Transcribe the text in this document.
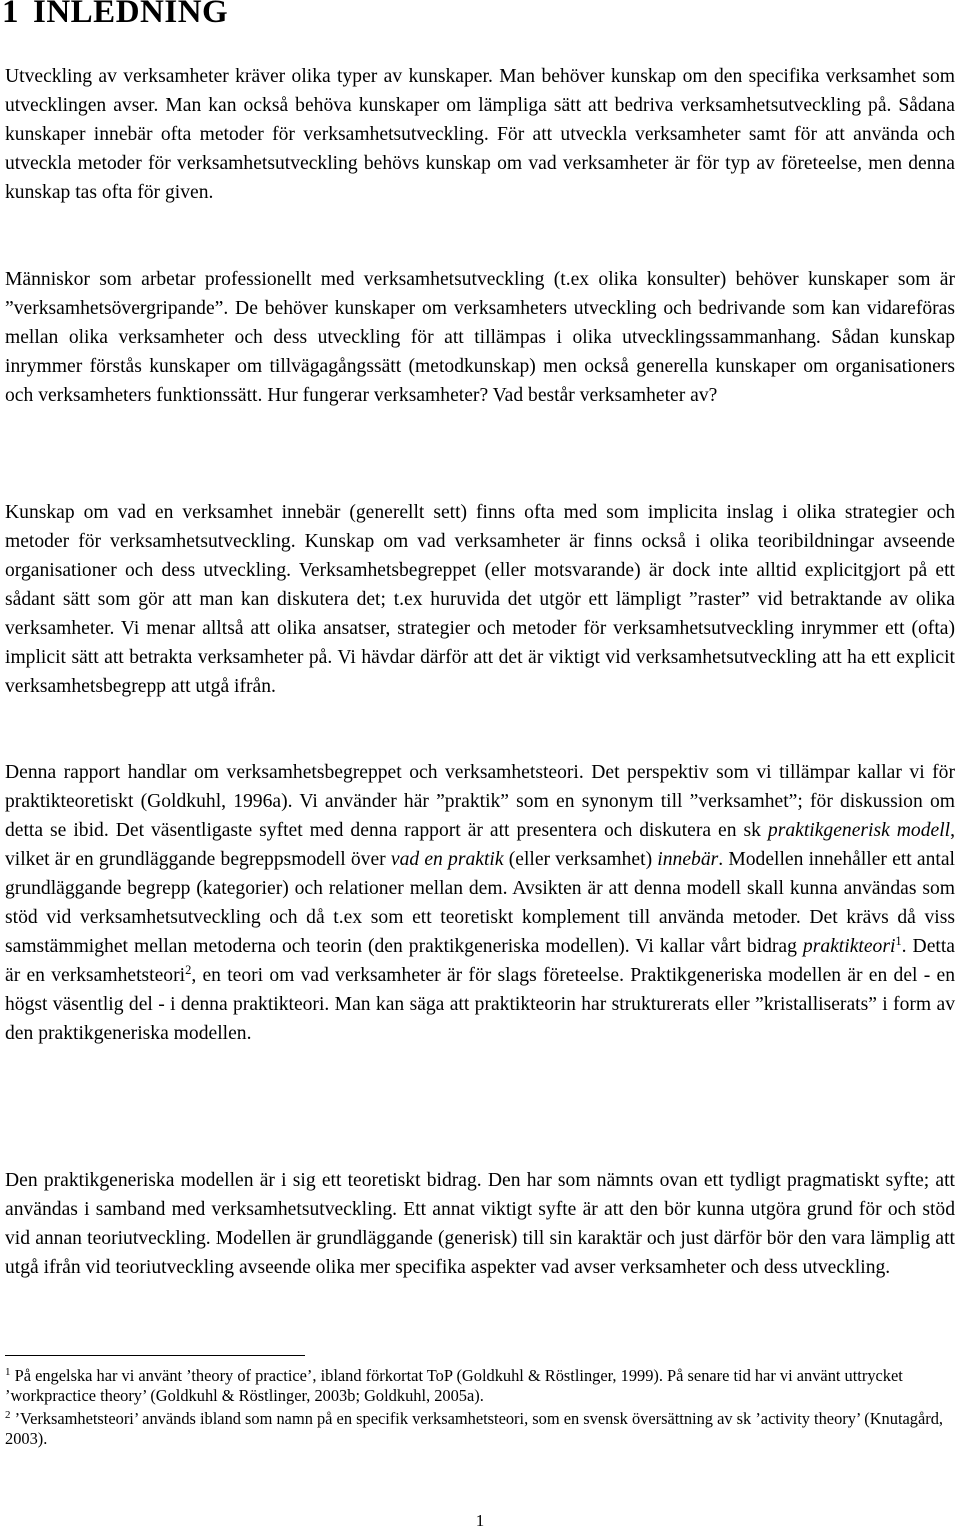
1 INLEDNING

Utveckling av verksamheter kräver olika typer av kunskaper. Man behöver kunskap om den specifika verksamhet som utvecklingen avser. Man kan också behöva kunskaper om lämpliga sätt att bedriva verksamhetsutveckling på. Sådana kunskaper innebär ofta metoder för verksamhetsutveckling. För att utveckla verksamheter samt för att använda och utveckla metoder för verksamhetsutveckling behövs kunskap om vad verksamheter är för typ av företeelse, men denna kunskap tas ofta för given.

Människor som arbetar professionellt med verksamhetsutveckling (t.ex olika konsulter) behöver kunskaper som är ”verksamhetsövergripande”. De behöver kunskaper om verksamheters utveckling och bedrivande som kan vidareföras mellan olika verksamheter och dess utveckling för att tillämpas i olika utvecklingssammanhang. Sådan kunskap inrymmer förstås kunskaper om tillvägagångssätt (metodkunskap) men också generella kunskaper om organisationers och verksamheters funktionssätt. Hur fungerar verksamheter? Vad består verksamheter av?

Kunskap om vad en verksamhet innebär (generellt sett) finns ofta med som implicita inslag i olika strategier och metoder för verksamhetsutveckling. Kunskap om vad verksamheter är finns också i olika teoribildningar avseende organisationer och dess utveckling. Verksamhetsbegreppet (eller motsvarande) är dock inte alltid explicitgjort på ett sådant sätt som gör att man kan diskutera det; t.ex huruvida det utgör ett lämpligt ”raster” vid betraktande av olika verksamheter. Vi menar alltså att olika ansatser, strategier och metoder för verksamhetsutveckling inrymmer ett (ofta) implicit sätt att betrakta verksamheter på. Vi hävdar därför att det är viktigt vid verksamhetsutveckling att ha ett explicit verksamhetsbegrepp att utgå ifrån.

Denna rapport handlar om verksamhetsbegreppet och verksamhetsteori. Det perspektiv som vi tillämpar kallar vi för praktikteoretiskt (Goldkuhl, 1996a). Vi använder här ”praktik” som en synonym till ”verksamhet”; för diskussion om detta se ibid. Det väsentligaste syftet med denna rapport är att presentera och diskutera en sk praktikgenerisk modell, vilket är en grundläggande begreppsmodell över vad en praktik (eller verksamhet) innebär. Modellen innehåller ett antal grundläggande begrepp (kategorier) och relationer mellan dem. Avsikten är att denna modell skall kunna användas som stöd vid verksamhetsutveckling och då t.ex som ett teoretiskt komplement till använda metoder. Det krävs då viss samstämmighet mellan metoderna och teorin (den praktikgeneriska modellen). Vi kallar vårt bidrag praktikteori$^1$. Detta är en verksamhetsteori$^2$, en teori om vad verksamheter är för slags företeelse. Praktikgeneriska modellen är en del - en högst väsentlig del - i denna praktikteori. Man kan säga att praktikteorin har strukturerats eller ”kristalliserats” i form av den praktikgeneriska modellen.

Den praktikgeneriska modellen är i sig ett teoretiskt bidrag. Den har som nämnts ovan ett tydligt pragmatiskt syfte; att användas i samband med verksamhetsutveckling. Ett annat viktigt syfte är att den bör kunna utgöra grund för och stöd vid annan teoriutveckling. Modellen är grundläggande (generisk) till sin karaktär och just därför bör den vara lämplig att utgå ifrån vid teoriutveckling avseende olika mer specifika aspekter vad avser verksamheter och dess utveckling.

$^1$ På engelska har vi använt ’theory of practice’, ibland förkortat ToP (Goldkuhl & Röstlinger, 1999). På senare tid har vi använt uttrycket ’workpractice theory’ (Goldkuhl & Röstlinger, 2003b; Goldkuhl, 2005a).

$^2$ ’Verksamhetsteori’ används ibland som namn på en specifik verksamhetsteori, som en svensk översättning av sk ’activity theory’ (Knutagård, 2003).

1
